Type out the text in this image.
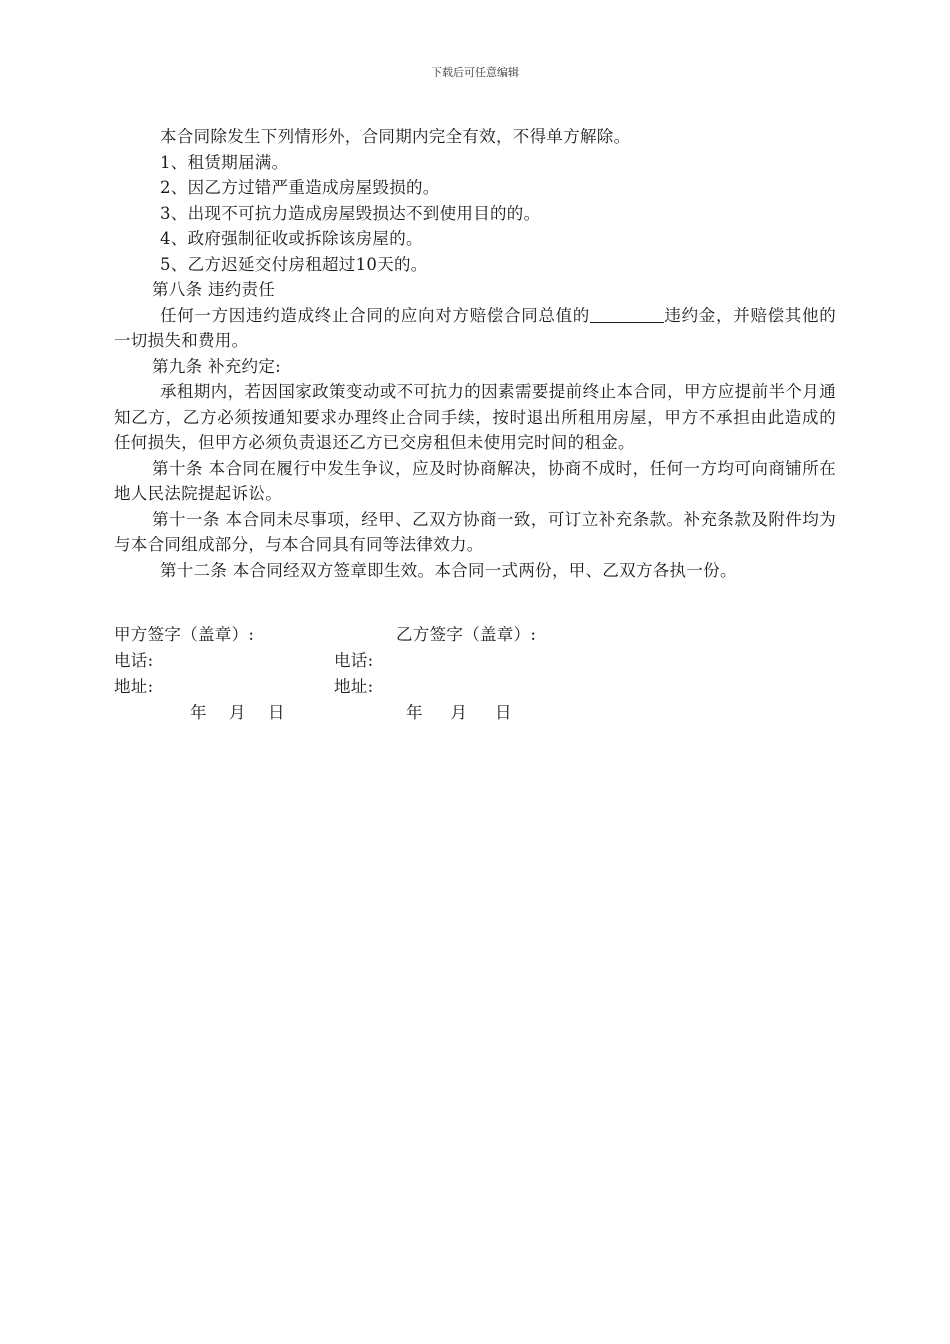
下载后可任意编辑
本合同除发生下列情形外，合同期内完全有效，不得单方解除。
1、租赁期届满。
2、因乙方过错严重造成房屋毁损的。
3、出现不可抗力造成房屋毁损达不到使用目的的。
4、政府强制征收或拆除该房屋的。
5、乙方迟延交付房租超过10天的。
第八条 违约责任
任何一方因违约造成终止合同的应向对方赔偿合同总值的	违约金，并赔偿其他的一切损失和费用。
第九条 补充约定:
承租期内，若因国家政策变动或不可抗力的因素需要提前终止本合同，甲方应提前半个月通知乙方，乙方必须按通知要求办理终止合同手续，按时退出所租用房屋，甲方不承担由此造成的任何损失，但甲方必须负责退还乙方已交房租但未使用完时间的租金。
第十条 本合同在履行中发生争议，应及时协商解决，协商不成时，任何一方均可向商铺所在地人民法院提起诉讼。
第十一条 本合同未尽事项，经甲、乙双方协商一致，可订立补充条款。补充条款及附件均为与本合同组成部分，与本合同具有同等法律效力。
第十二条 本合同经双方签章即生效。本合同一式两份，甲、乙双方各执一份。
甲方签字（盖章）:	乙方签字（盖章）:
电话:	电话:
地址:	地址:
年    月    日	年     月     日
